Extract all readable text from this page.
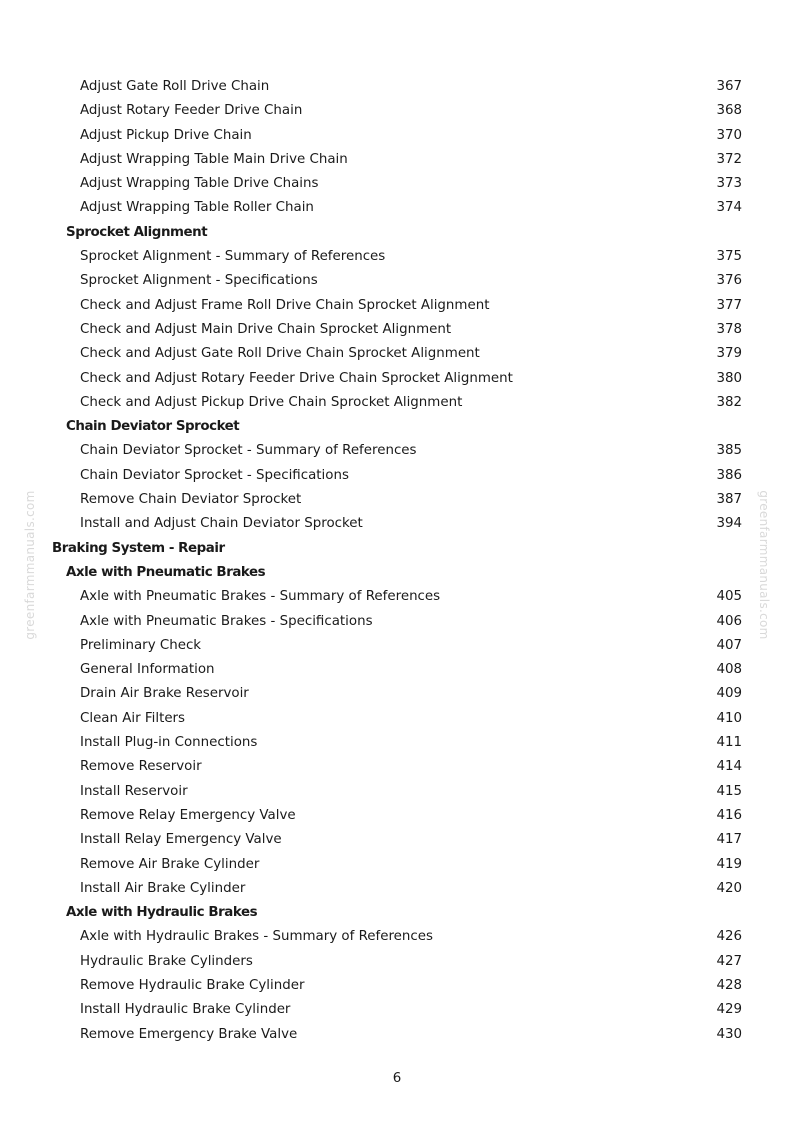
Adjust Gate Roll Drive Chain	367
Adjust Rotary Feeder Drive Chain	368
Adjust Pickup Drive Chain	370
Adjust Wrapping Table Main Drive Chain	372
Adjust Wrapping Table Drive Chains	373
Adjust Wrapping Table Roller Chain	374
Sprocket Alignment
Sprocket Alignment - Summary of References	375
Sprocket Alignment - Specifications	376
Check and Adjust Frame Roll Drive Chain Sprocket Alignment	377
Check and Adjust Main Drive Chain Sprocket Alignment	378
Check and Adjust Gate Roll Drive Chain Sprocket Alignment	379
Check and Adjust Rotary Feeder Drive Chain Sprocket Alignment	380
Check and Adjust Pickup Drive Chain Sprocket Alignment	382
Chain Deviator Sprocket
Chain Deviator Sprocket - Summary of References	385
Chain Deviator Sprocket - Specifications	386
Remove Chain Deviator Sprocket	387
Install and Adjust Chain Deviator Sprocket	394
Braking System - Repair
Axle with Pneumatic Brakes
Axle with Pneumatic Brakes - Summary of References	405
Axle with Pneumatic Brakes - Specifications	406
Preliminary Check	407
General Information	408
Drain Air Brake Reservoir	409
Clean Air Filters	410
Install Plug-in Connections	411
Remove Reservoir	414
Install Reservoir	415
Remove Relay Emergency Valve	416
Install Relay Emergency Valve	417
Remove Air Brake Cylinder	419
Install Air Brake Cylinder	420
Axle with Hydraulic Brakes
Axle with Hydraulic Brakes - Summary of References	426
Hydraulic Brake Cylinders	427
Remove Hydraulic Brake Cylinder	428
Install Hydraulic Brake Cylinder	429
Remove Emergency Brake Valve	430
greenfarmmanuals.com	greenfarmmanuals.com
6
